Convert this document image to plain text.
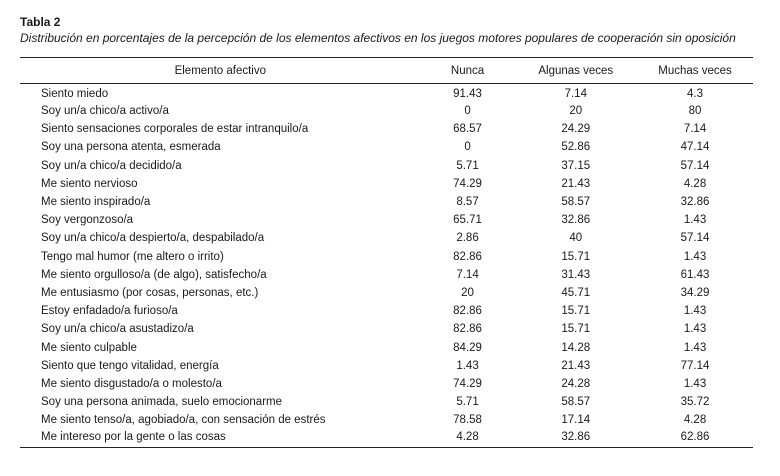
Tabla 2

Distribución en porcentajes de la percepción de los elementos afectivos en los juegos motores populares de cooperación sin oposición

Elemento afectivo	Nunca	Algunas veces	Muchas veces
Siento miedo	91.43	7.14	4.3
Soy un/a chico/a activo/a	0	20	80
Siento sensaciones corporales de estar intranquilo/a	68.57	24.29	7.14
Soy una persona atenta, esmerada	0	52.86	47.14
Soy un/a chico/a decidido/a	5.71	37.15	57.14
Me siento nervioso	74.29	21.43	4.28
Me siento inspirado/a	8.57	58.57	32.86
Soy vergonzoso/a	65.71	32.86	1.43
Soy un/a chico/a despierto/a, despabilado/a	2.86	40	57.14
Tengo mal humor (me altero o irrito)	82.86	15.71	1.43
Me siento orgulloso/a (de algo), satisfecho/a	7.14	31.43	61.43
Me entusiasmo (por cosas, personas, etc.)	20	45.71	34.29
Estoy enfadado/a furioso/a	82.86	15.71	1.43
Soy un/a chico/a asustadizo/a	82.86	15.71	1.43
Me siento culpable	84.29	14.28	1.43
Siento que tengo vitalidad, energía	1.43	21.43	77.14
Me siento disgustado/a o molesto/a	74.29	24.28	1.43
Soy una persona animada, suelo emocionarme	5.71	58.57	35.72
Me siento tenso/a, agobiado/a, con sensación de estrés	78.58	17.14	4.28
Me intereso por la gente o las cosas	4.28	32.86	62.86
